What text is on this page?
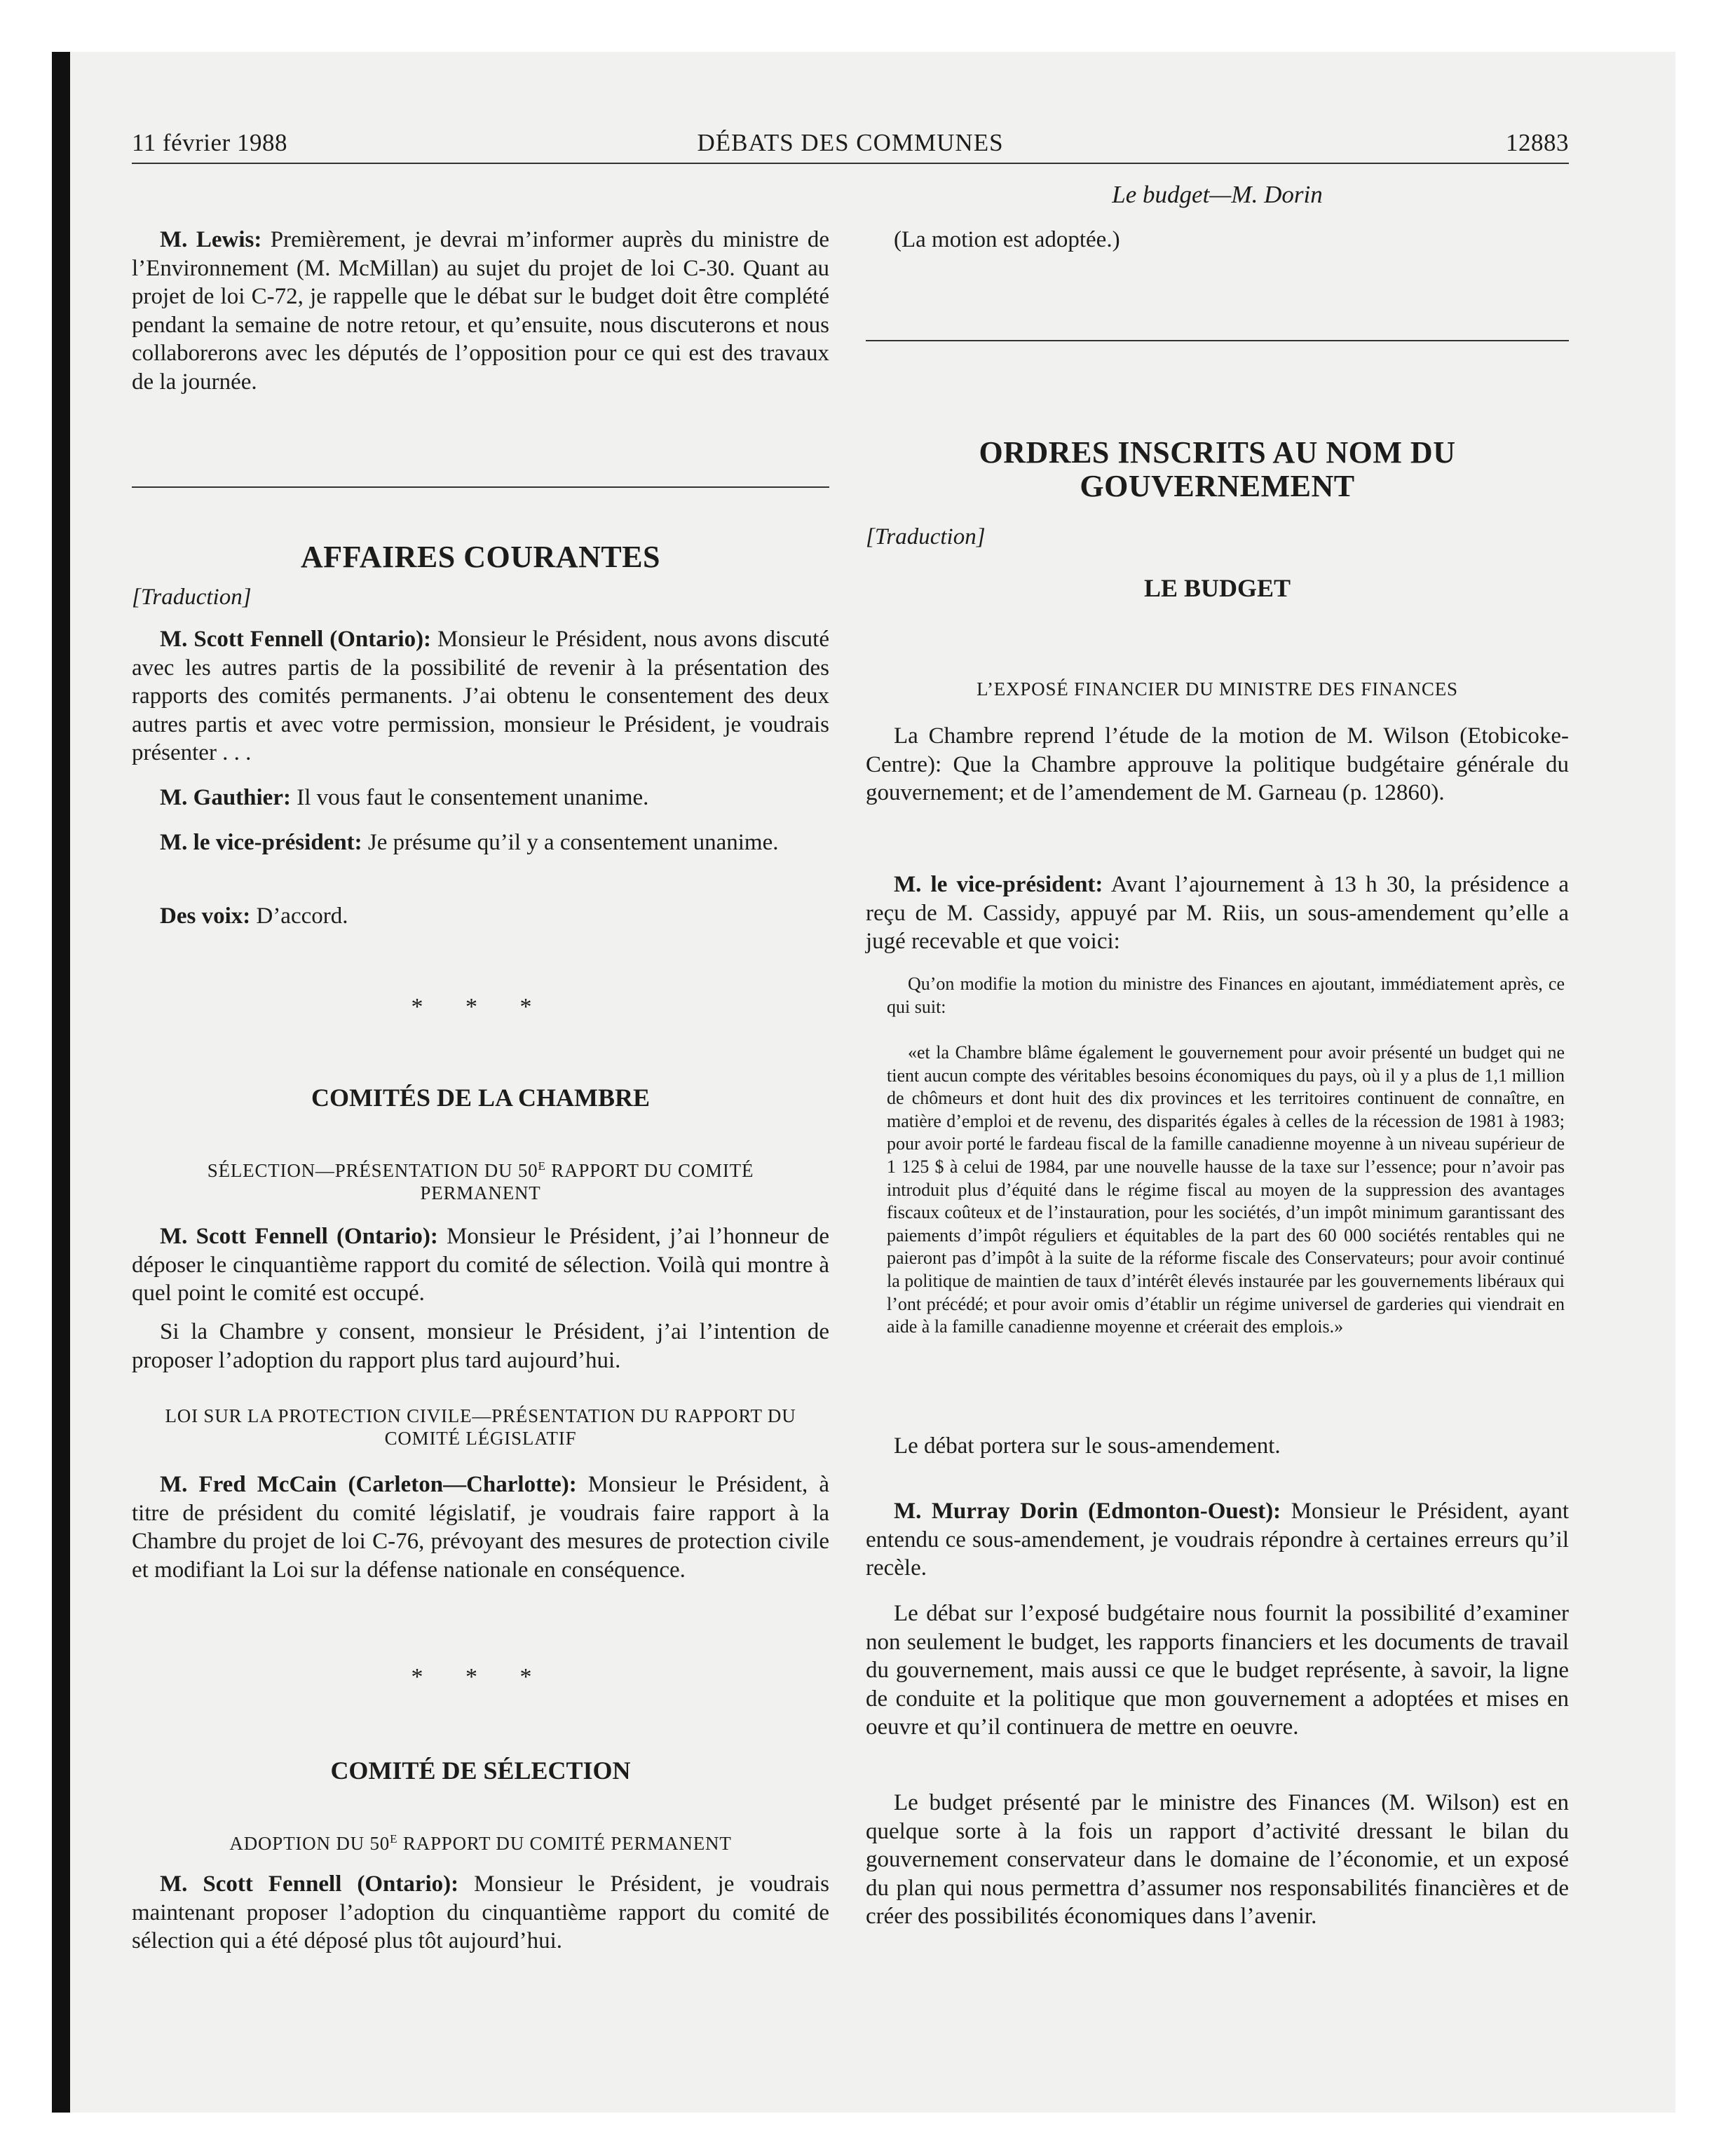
11 février 1988	DÉBATS DES COMMUNES	12883

M. Lewis: Premièrement, je devrai m’informer auprès du ministre de l’Environnement (M. McMillan) au sujet du projet de loi C-30. Quant au projet de loi C-72, je rappelle que le débat sur le budget doit être complété pendant la semaine de notre retour, et qu’ensuite, nous discuterons et nous collaborerons avec les députés de l’opposition pour ce qui est des travaux de la journée.

AFFAIRES COURANTES

[Traduction]

M. Scott Fennell (Ontario): Monsieur le Président, nous avons discuté avec les autres partis de la possibilité de revenir à la présentation des rapports des comités permanents. J’ai obtenu le consentement des deux autres partis et avec votre permission, monsieur le Président, je voudrais présenter . . .

M. Gauthier: Il vous faut le consentement unanime.

M. le vice-président: Je présume qu’il y a consentement unanime.

Des voix: D’accord.

* * *

COMITÉS DE LA CHAMBRE

SÉLECTION—PRÉSENTATION DU $50^E$ RAPPORT DU COMITÉ PERMANENT

M. Scott Fennell (Ontario): Monsieur le Président, j’ai l’honneur de déposer le cinquantième rapport du comité de sélection. Voilà qui montre à quel point le comité est occupé.

Si la Chambre y consent, monsieur le Président, j’ai l’intention de proposer l’adoption du rapport plus tard aujourd’hui.

LOI SUR LA PROTECTION CIVILE—PRÉSENTATION DU RAPPORT DU COMITÉ LÉGISLATIF

M. Fred McCain (Carleton—Charlotte): Monsieur le Président, à titre de président du comité législatif, je voudrais faire rapport à la Chambre du projet de loi C-76, prévoyant des mesures de protection civile et modifiant la Loi sur la défense nationale en conséquence.

* * *

COMITÉ DE SÉLECTION

ADOPTION DU $50^E$ RAPPORT DU COMITÉ PERMANENT

M. Scott Fennell (Ontario): Monsieur le Président, je voudrais maintenant proposer l’adoption du cinquantième rapport du comité de sélection qui a été déposé plus tôt aujourd’hui.

Le budget—M. Dorin

(La motion est adoptée.)

ORDRES INSCRITS AU NOM DU GOUVERNEMENT

[Traduction]

LE BUDGET

L’EXPOSÉ FINANCIER DU MINISTRE DES FINANCES

La Chambre reprend l’étude de la motion de M. Wilson (Etobicoke-Centre): Que la Chambre approuve la politique budgétaire générale du gouvernement; et de l’amendement de M. Garneau (p. 12860).

M. le vice-président: Avant l’ajournement à 13 h 30, la présidence a reçu de M. Cassidy, appuyé par M. Riis, un sous-amendement qu’elle a jugé recevable et que voici:

Qu’on modifie la motion du ministre des Finances en ajoutant, immédiatement après, ce qui suit:

«et la Chambre blâme également le gouvernement pour avoir présenté un budget qui ne tient aucun compte des véritables besoins économiques du pays, où il y a plus de 1,1 million de chômeurs et dont huit des dix provinces et les territoires continuent de connaître, en matière d’emploi et de revenu, des disparités égales à celles de la récession de 1981 à 1983; pour avoir porté le fardeau fiscal de la famille canadienne moyenne à un niveau supérieur de 1 125 $ à celui de 1984, par une nouvelle hausse de la taxe sur l’essence; pour n’avoir pas introduit plus d’équité dans le régime fiscal au moyen de la suppression des avantages fiscaux coûteux et de l’instauration, pour les sociétés, d’un impôt minimum garantissant des paiements d’impôt réguliers et équitables de la part des 60 000 sociétés rentables qui ne paieront pas d’impôt à la suite de la réforme fiscale des Conservateurs; pour avoir continué la politique de maintien de taux d’intérêt élevés instaurée par les gouvernements libéraux qui l’ont précédé; et pour avoir omis d’établir un régime universel de garderies qui viendrait en aide à la famille canadienne moyenne et créerait des emplois.»

Le débat portera sur le sous-amendement.

M. Murray Dorin (Edmonton-Ouest): Monsieur le Président, ayant entendu ce sous-amendement, je voudrais répondre à certaines erreurs qu’il recèle.

Le débat sur l’exposé budgétaire nous fournit la possibilité d’examiner non seulement le budget, les rapports financiers et les documents de travail du gouvernement, mais aussi ce que le budget représente, à savoir, la ligne de conduite et la politique que mon gouvernement a adoptées et mises en oeuvre et qu’il continuera de mettre en oeuvre.

Le budget présenté par le ministre des Finances (M. Wilson) est en quelque sorte à la fois un rapport d’activité dressant le bilan du gouvernement conservateur dans le domaine de l’économie, et un exposé du plan qui nous permettra d’assumer nos responsabilités financières et de créer des possibilités économiques dans l’avenir.
